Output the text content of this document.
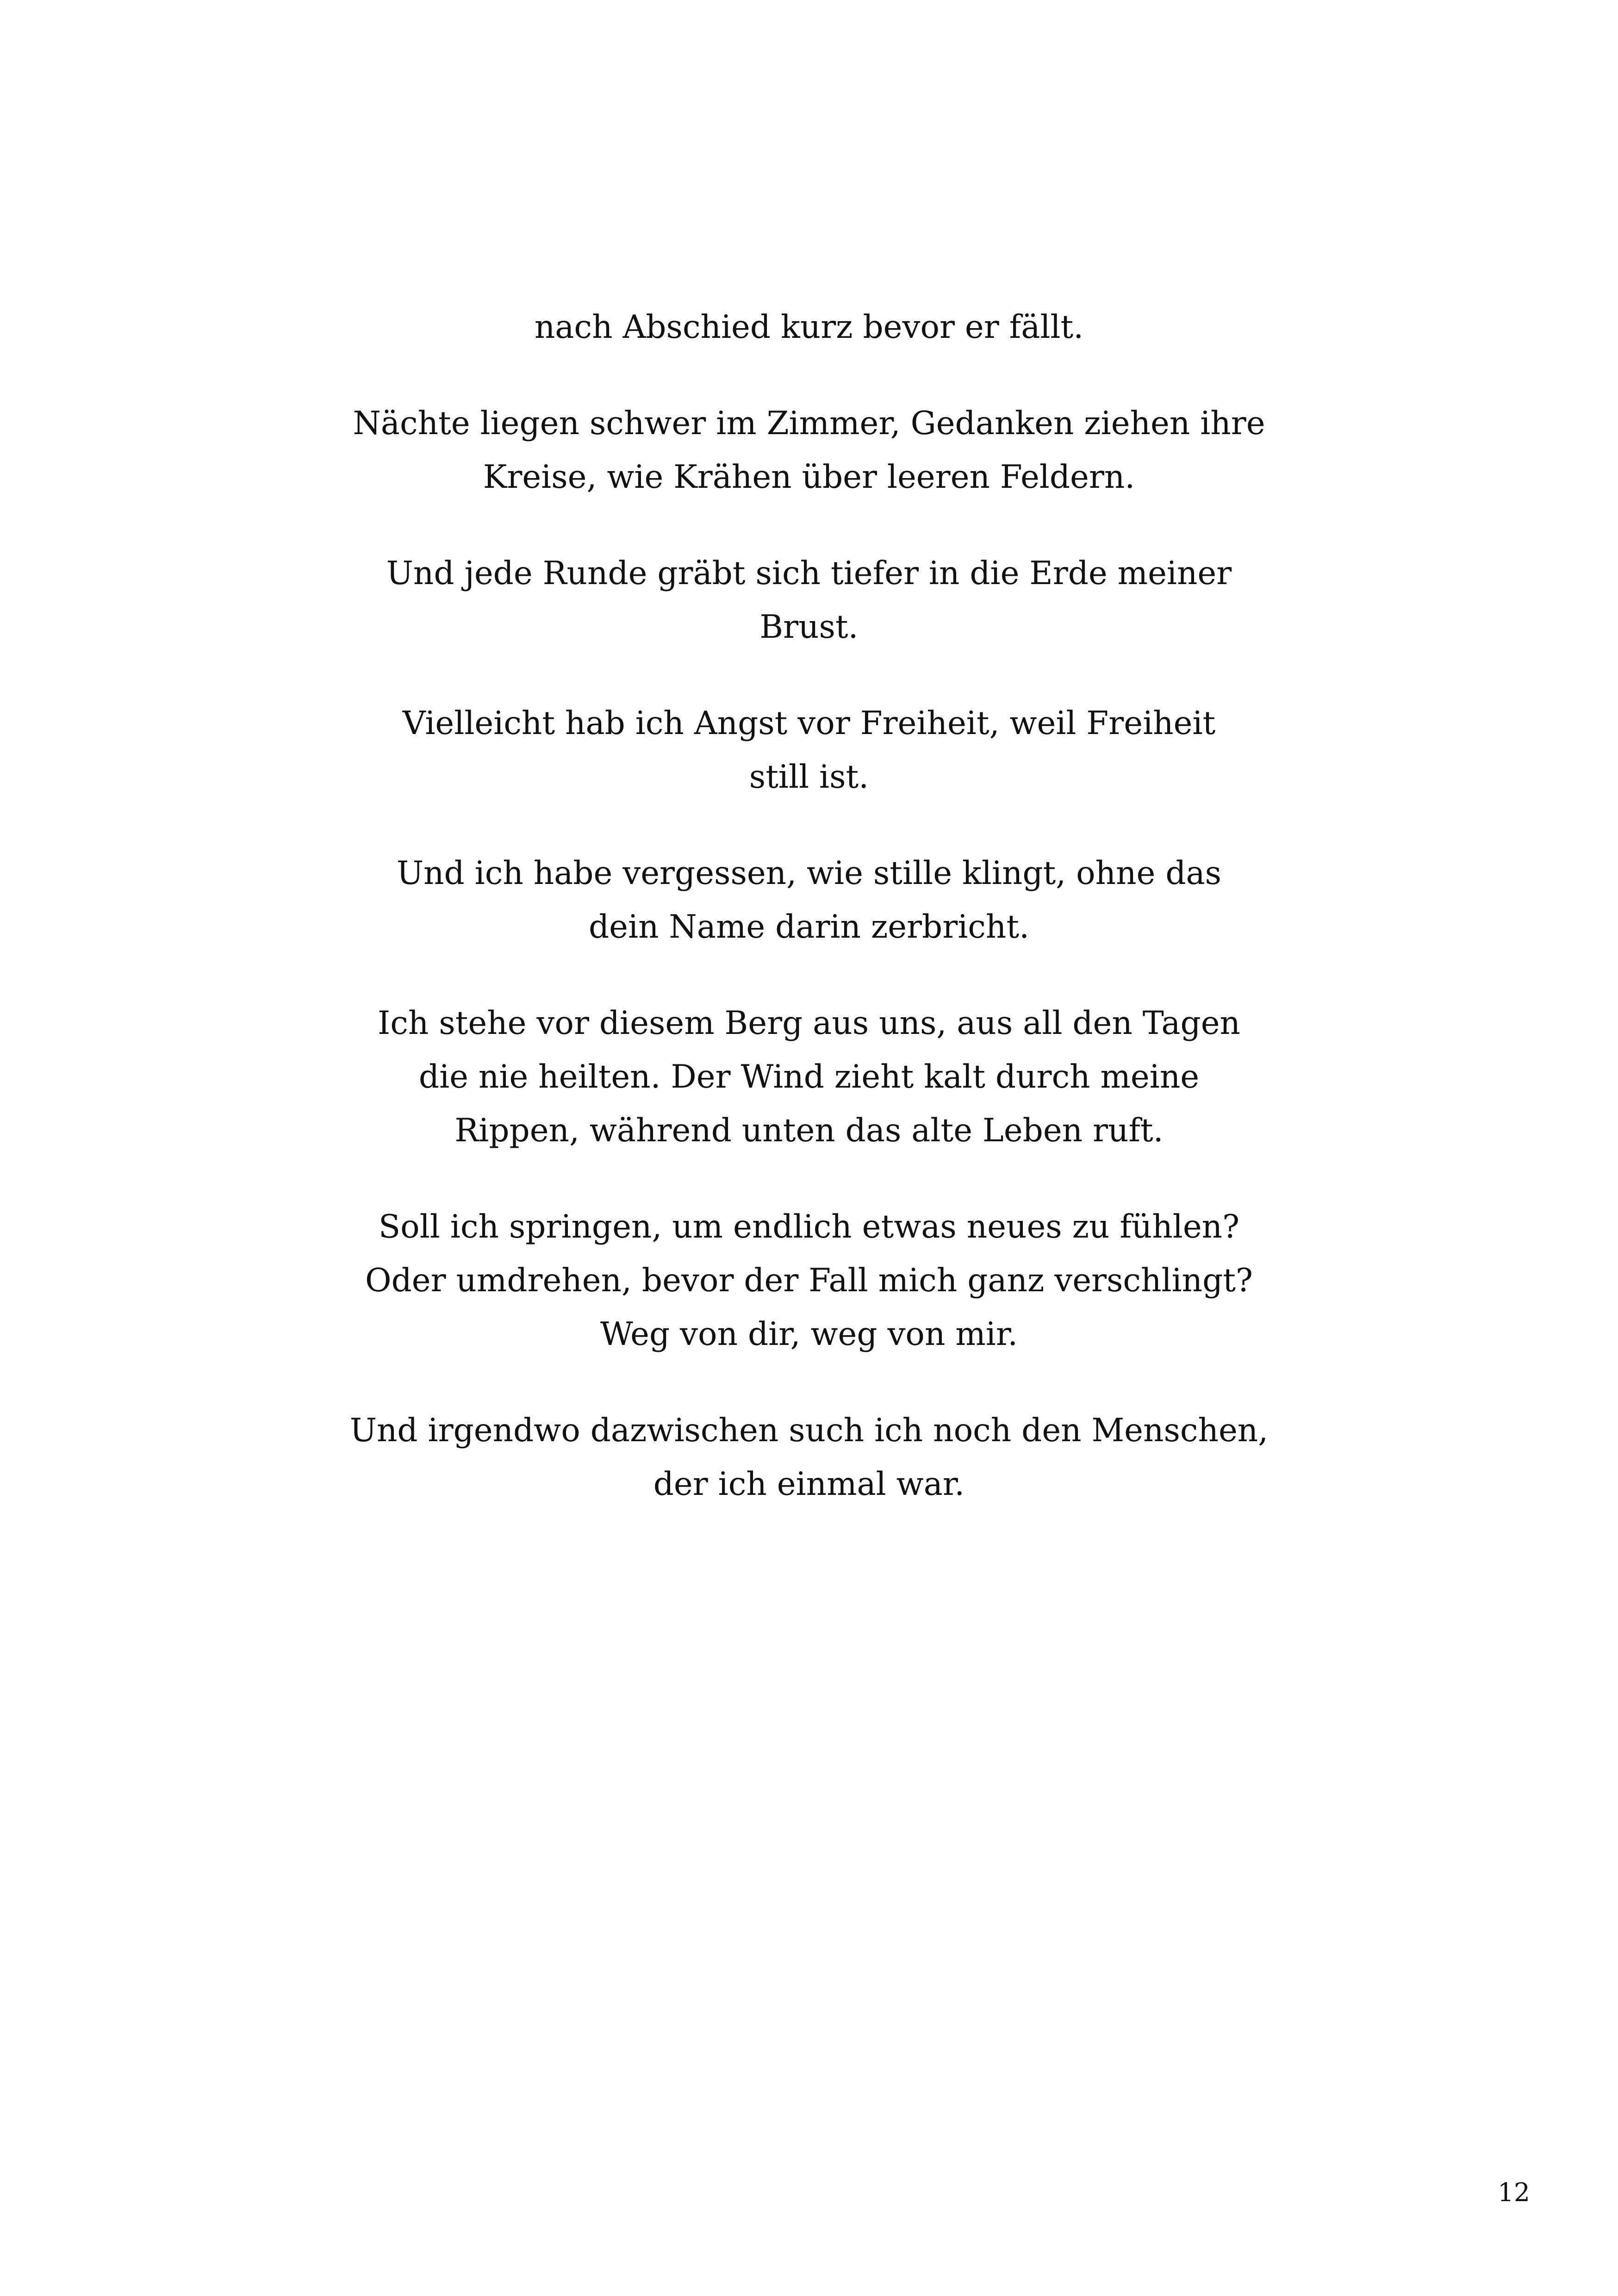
nach Abschied kurz bevor er fällt.

Nächte liegen schwer im Zimmer, Gedanken ziehen ihre
Kreise, wie Krähen über leeren Feldern.

Und jede Runde gräbt sich tiefer in die Erde meiner
Brust.

Vielleicht hab ich Angst vor Freiheit, weil Freiheit
still ist.

Und ich habe vergessen, wie stille klingt, ohne das
dein Name darin zerbricht.

Ich stehe vor diesem Berg aus uns, aus all den Tagen
die nie heilten. Der Wind zieht kalt durch meine
Rippen, während unten das alte Leben ruft.

Soll ich springen, um endlich etwas neues zu fühlen?
Oder umdrehen, bevor der Fall mich ganz verschlingt?
Weg von dir, weg von mir.

Und irgendwo dazwischen such ich noch den Menschen,
der ich einmal war.

12
